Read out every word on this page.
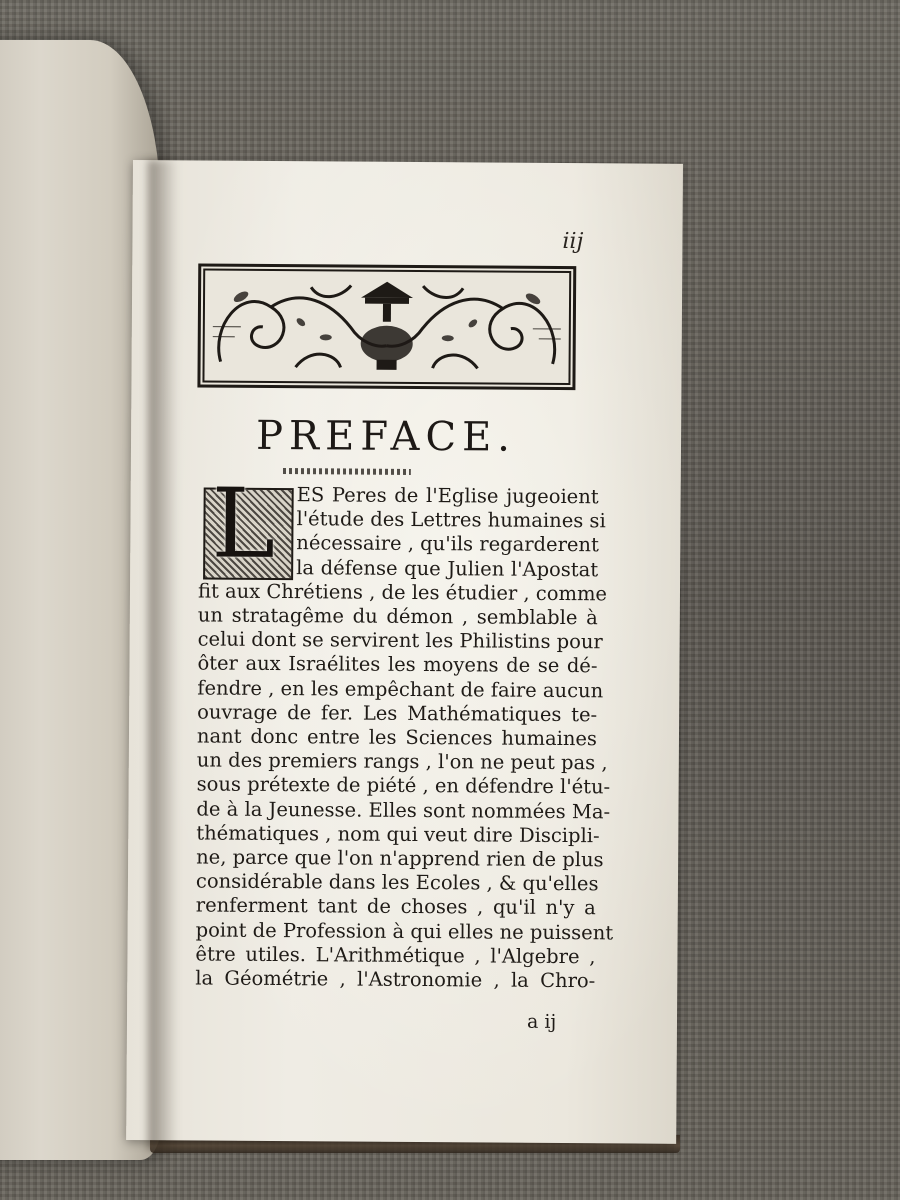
iij
PREFACE.
L	ES Peres de l'Eglise jugeoient
l'étude des Lettres humaines si
nécessaire , qu'ils regarderent
la défense que Julien l'Apostat
fit aux Chrétiens , de les étudier , comme
un stratagême du démon , semblable à
celui dont se servirent les Philistins pour
ôter aux Israélites les moyens de se dé-
fendre , en les empêchant de faire aucun
ouvrage de fer. Les Mathématiques te-
nant donc entre les Sciences humaines
un des premiers rangs , l'on ne peut pas ,
sous prétexte de piété , en défendre l'étu-
de à la Jeunesse. Elles sont nommées Ma-
thématiques , nom qui veut dire Discipli-
ne, parce que l'on n'apprend rien de plus
considérable dans les Ecoles , & qu'elles
renferment tant de choses , qu'il n'y a
point de Profession à qui elles ne puissent
être utiles. L'Arithmétique , l'Algebre ,
la Géométrie , l'Astronomie , la Chro-
a ij
